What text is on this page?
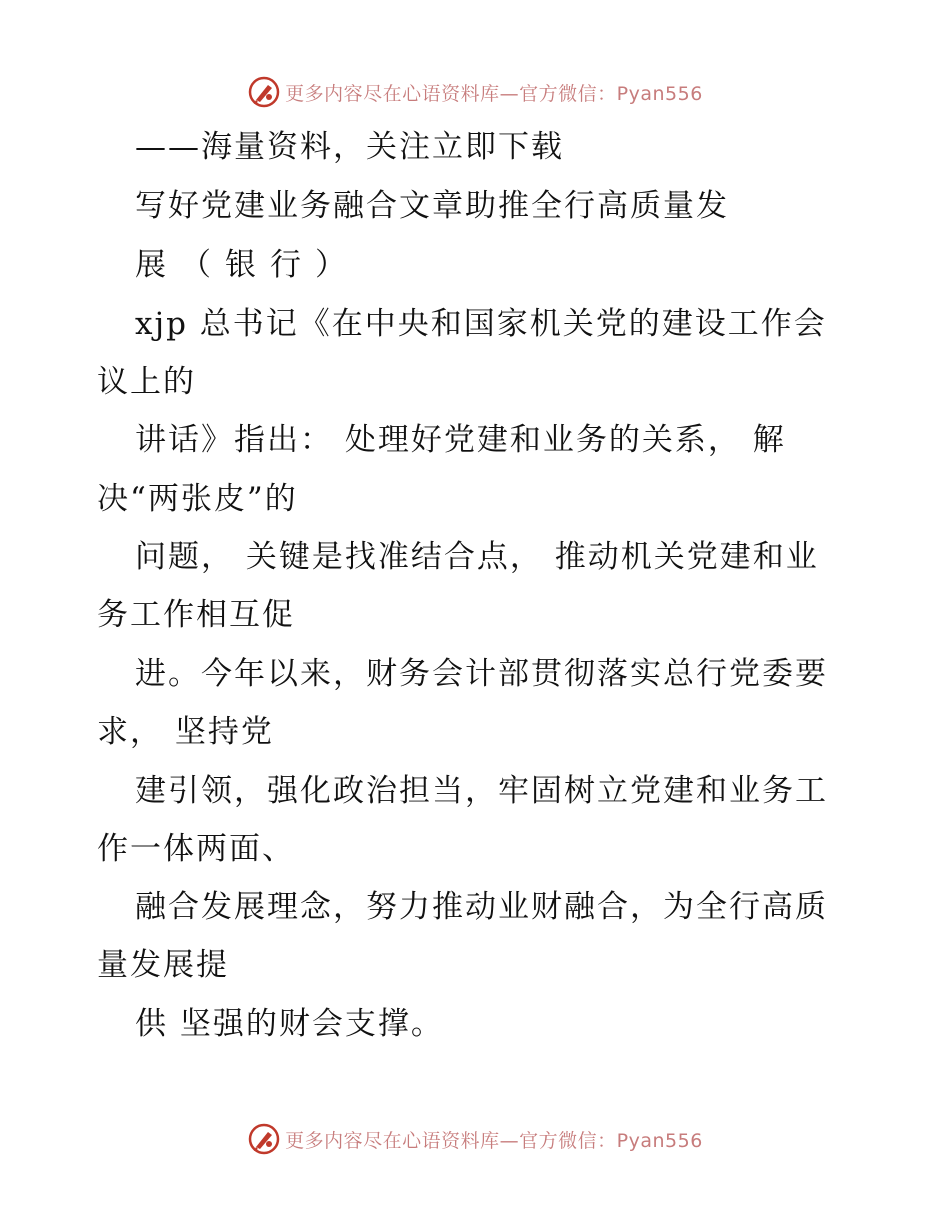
更多内容尽在心语资料库—官方微信：Pyan556
——海量资料，关注立即下载
写好党建业务融合文章助推全行高质量发
展（银行）
xjp 总书记《在中央和国家机关党的建设工作会
议上的
讲话》指出： 处理好党建和业务的关系， 解
决“两张皮”的
问题， 关键是找准结合点， 推动机关党建和业
务工作相互促
进。今年以来，财务会计部贯彻落实总行党委要
求， 坚持党
建引领，强化政治担当，牢固树立党建和业务工
作一体两面、
融合发展理念，努力推动业财融合，为全行高质
量发展提
供 坚强的财会支撑。
更多内容尽在心语资料库—官方微信：Pyan556
